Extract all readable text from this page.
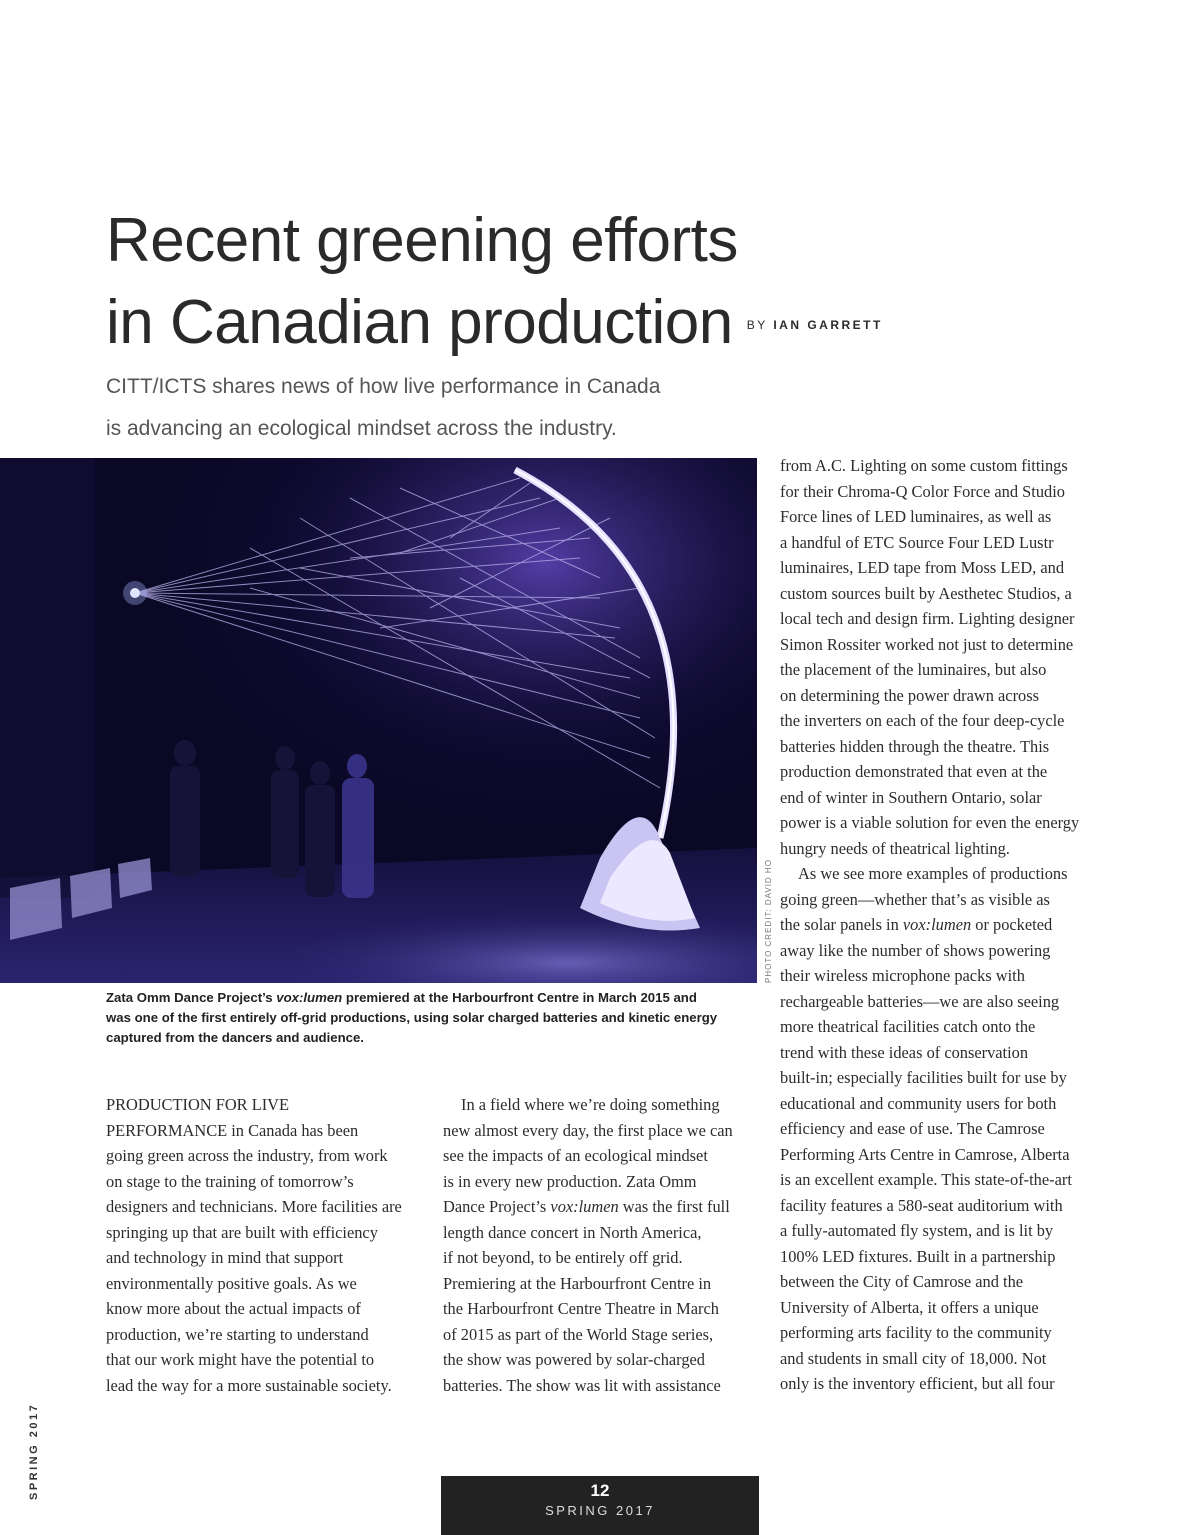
Recent greening efforts
in Canadian production $^{BY IAN GARRETT}$
CITT/ICTS shares news of how live performance in Canada
is advancing an ecological mindset across the industry.
PHOTO CREDIT: DAVID HO

Zata Omm Dance Project’s vox:lumen premiered at the Harbourfront Centre in March 2015 and
was one of the first entirely off-grid productions, using solar charged batteries and kinetic energy
captured from the dancers and audience.

PRODUCTION FOR LIVE
PERFORMANCE in Canada has been
going green across the industry, from work
on stage to the training of tomorrow’s
designers and technicians. More facilities are
springing up that are built with efficiency
and technology in mind that support
environmentally positive goals. As we
know more about the actual impacts of
production, we’re starting to understand
that our work might have the potential to
lead the way for a more sustainable society.
In a field where we’re doing something
new almost every day, the first place we can
see the impacts of an ecological mindset
is in every new production. Zata Omm
Dance Project’s vox:lumen was the first full
length dance concert in North America,
if not beyond, to be entirely off grid.
Premiering at the Harbourfront Centre in
the Harbourfront Centre Theatre in March
of 2015 as part of the World Stage series,
the show was powered by solar-charged
batteries. The show was lit with assistance
from A.C. Lighting on some custom fittings
for their Chroma-Q Color Force and Studio
Force lines of LED luminaires, as well as
a handful of ETC Source Four LED Lustr
luminaires, LED tape from Moss LED, and
custom sources built by Aesthetec Studios, a
local tech and design firm. Lighting designer
Simon Rossiter worked not just to determine
the placement of the luminaires, but also
on determining the power drawn across
the inverters on each of the four deep-cycle
batteries hidden through the theatre. This
production demonstrated that even at the
end of winter in Southern Ontario, solar
power is a viable solution for even the energy
hungry needs of theatrical lighting.
As we see more examples of productions
going green—whether that’s as visible as
the solar panels in vox:lumen or pocketed
away like the number of shows powering
their wireless microphone packs with
rechargeable batteries—we are also seeing
more theatrical facilities catch onto the
trend with these ideas of conservation
built-in; especially facilities built for use by
educational and community users for both
efficiency and ease of use. The Camrose
Performing Arts Centre in Camrose, Alberta
is an excellent example. This state-of-the-art
facility features a 580-seat auditorium with
a fully-automated fly system, and is lit by
100% LED fixtures. Built in a partnership
between the City of Camrose and the
University of Alberta, it offers a unique
performing arts facility to the community
and students in small city of 18,000. Not
only is the inventory efficient, but all four
SPRING 2017	12
SPRING 2017
